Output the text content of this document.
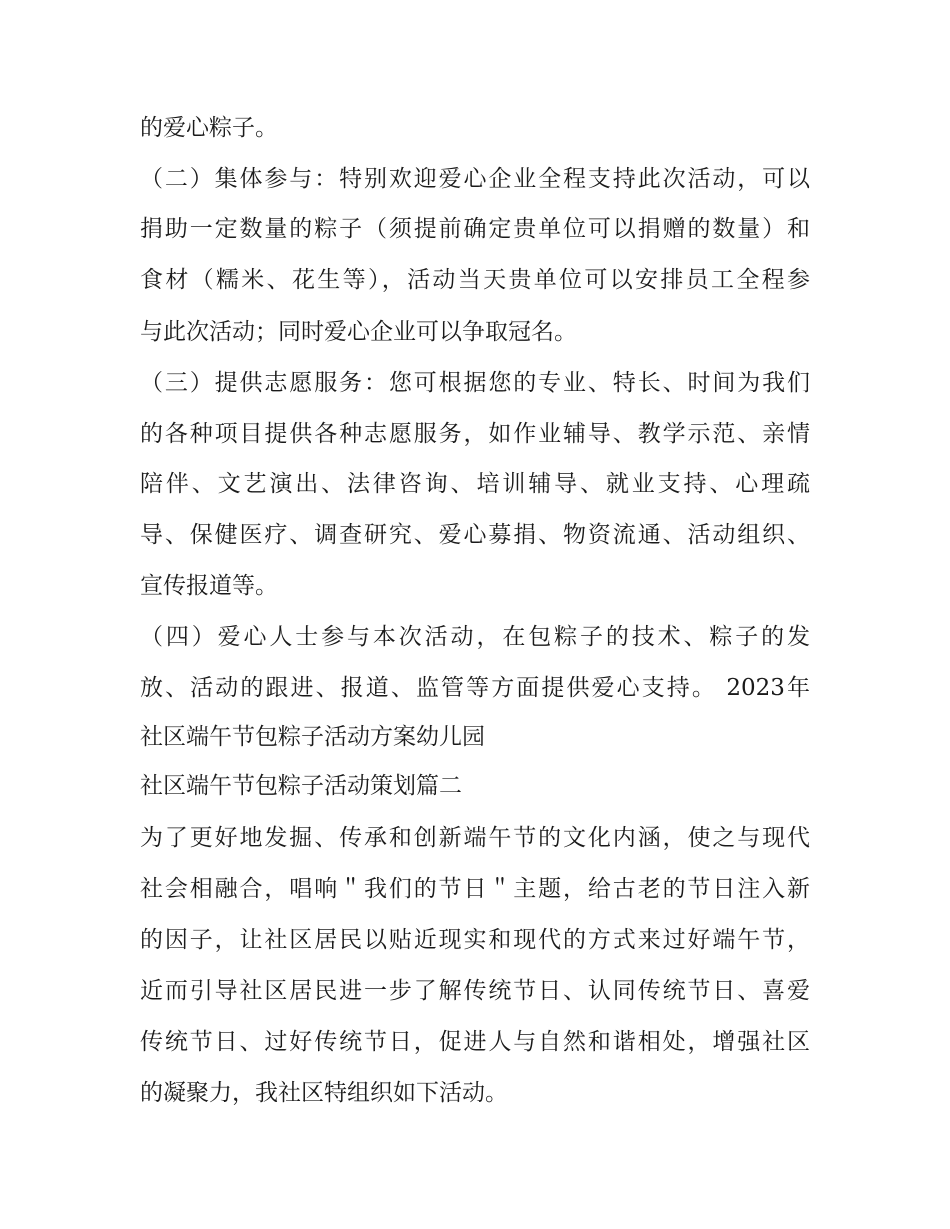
的爱心粽子。
（二）集体参与：特别欢迎爱心企业全程支持此次活动，可以
捐助一定数量的粽子（须提前确定贵单位可以捐赠的数量）和
食材（糯米、花生等），活动当天贵单位可以安排员工全程参
与此次活动；同时爱心企业可以争取冠名。
（三）提供志愿服务：您可根据您的专业、特长、时间为我们
的各种项目提供各种志愿服务，如作业辅导、教学示范、亲情
陪伴、文艺演出、法律咨询、培训辅导、就业支持、心理疏
导、保健医疗、调查研究、爱心募捐、物资流通、活动组织、
宣传报道等。
（四）爱心人士参与本次活动，在包粽子的技术、粽子的发
放、活动的跟进、报道、监管等方面提供爱心支持。 2023年
社区端午节包粽子活动方案幼儿园
社区端午节包粽子活动策划篇二
为了更好地发掘、传承和创新端午节的文化内涵，使之与现代
社会相融合，唱响＂我们的节日＂主题，给古老的节日注入新
的因子，让社区居民以贴近现实和现代的方式来过好端午节，
近而引导社区居民进一步了解传统节日、认同传统节日、喜爱
传统节日、过好传统节日，促进人与自然和谐相处，增强社区
的凝聚力，我社区特组织如下活动。
